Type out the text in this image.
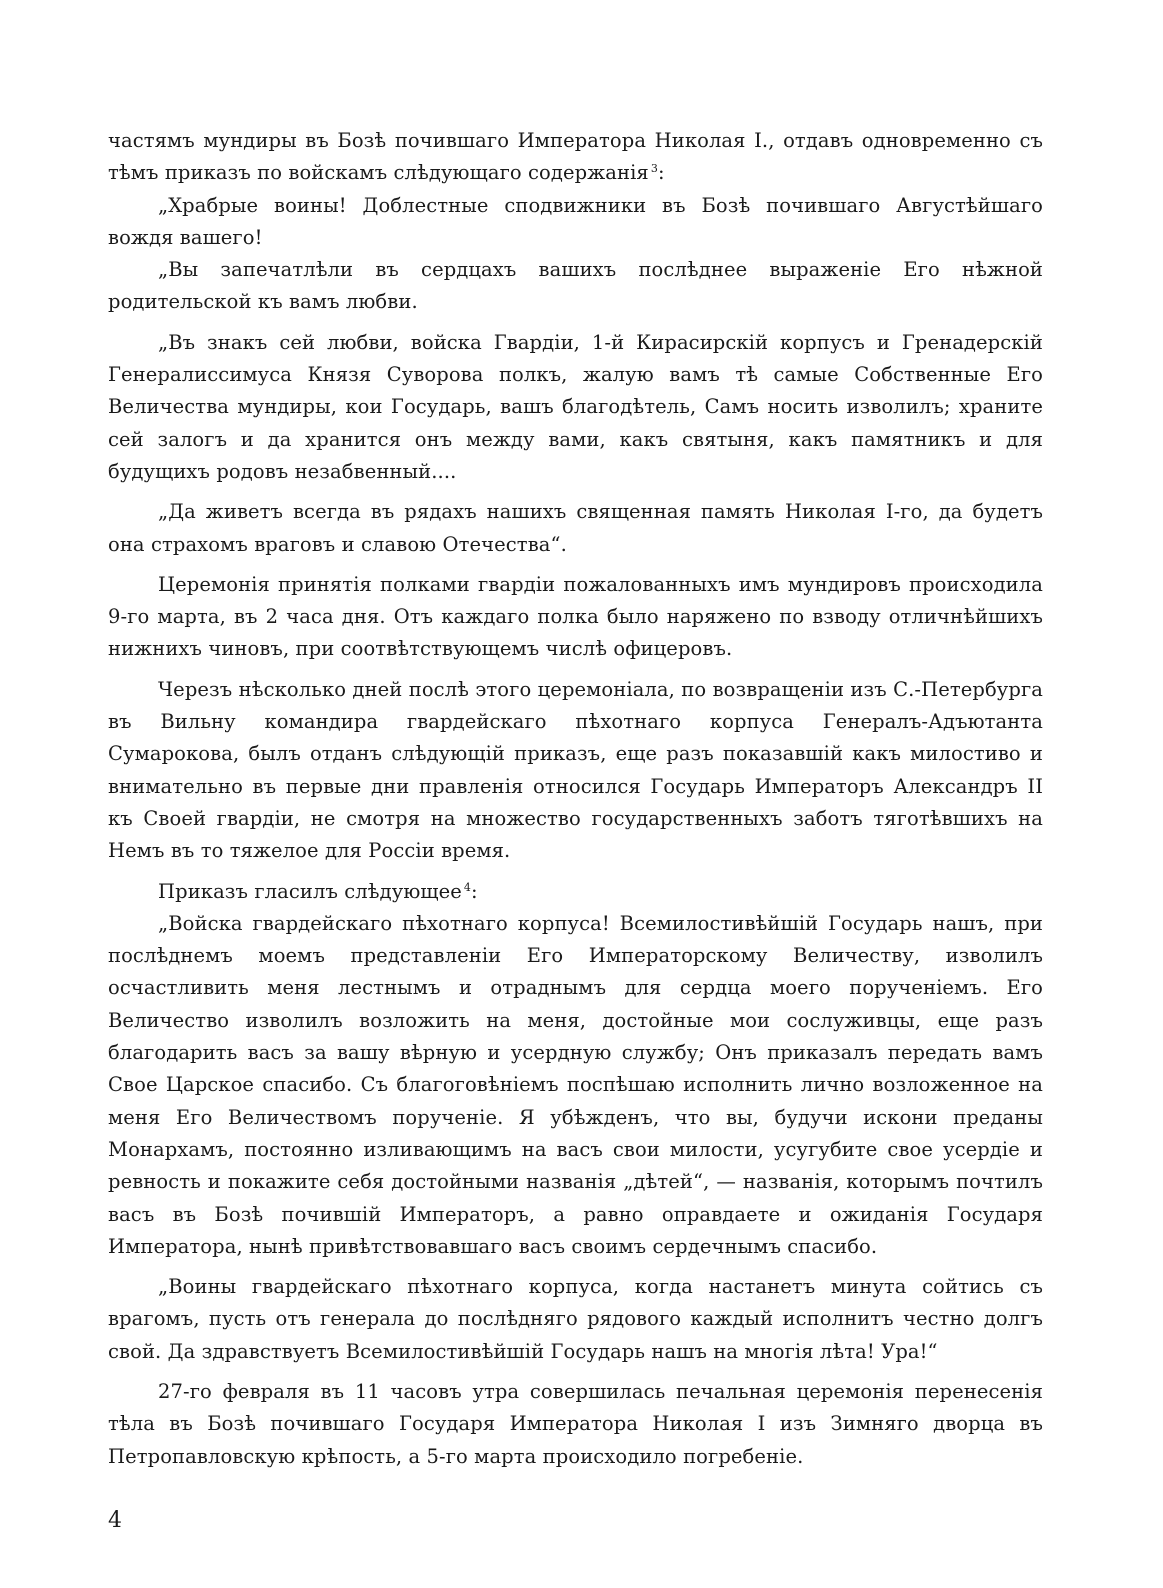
частямъ мундиры въ Бозѣ почившаго Императора Николая I., отдавъ одновременно съ тѣмъ приказъ по войскамъ слѣдующаго содержанія $^3$:

„Храбрые воины! Доблестные сподвижники въ Бозѣ почившаго Августѣйшаго вождя вашего!

„Вы запечатлѣли въ сердцахъ вашихъ послѣднее выраженіе Его нѣжной родительской къ вамъ любви.

„Въ знакъ сей любви, войска Гвардіи, 1-й Кирасирскій корпусъ и Гренадерскій Генералиссимуса Князя Суворова полкъ, жалую вамъ тѣ самые Собственные Его Величества мундиры, кои Государь, вашъ благодѣтель, Самъ носить изволилъ; храните сей залогъ и да хранится онъ между вами, какъ святыня, какъ памятникъ и для будущихъ родовъ незабвенный....

„Да живетъ всегда въ рядахъ нашихъ священная память Николая I-го, да будетъ она страхомъ враговъ и славою Отечества“.

Церемонія принятія полками гвардіи пожалованныхъ имъ мундировъ происходила 9-го марта, въ 2 часа дня. Отъ каждаго полка было наряжено по взводу отличнѣйшихъ нижнихъ чиновъ, при соотвѣтствующемъ числѣ офицеровъ.

Черезъ нѣсколько дней послѣ этого церемоніала, по возвращеніи изъ С.-Петербурга въ Вильну командира гвардейскаго пѣхотнаго корпуса Генералъ-Адъютанта Сумарокова, былъ отданъ слѣдующій приказъ, еще разъ показавшій какъ милостиво и внимательно въ первые дни правленія относился Государь Императоръ Александръ II къ Своей гвардіи, не смотря на множество государственныхъ заботъ тяготѣвшихъ на Немъ въ то тяжелое для Россіи время.

Приказъ гласилъ слѣдующее $^4$:

„Войска гвардейскаго пѣхотнаго корпуса! Всемилостивѣйшій Государь нашъ, при послѣднемъ моемъ представленіи Его Императорскому Величеству, изволилъ осчастливить меня лестнымъ и отраднымъ для сердца моего порученіемъ. Его Величество изволилъ возложить на меня, достойные мои сослуживцы, еще разъ благодарить васъ за вашу вѣрную и усердную службу; Онъ приказалъ передать вамъ Свое Царское спасибо. Съ благоговѣніемъ поспѣшаю исполнить лично возложенное на меня Его Величествомъ порученіе. Я убѣжденъ, что вы, будучи искони преданы Монархамъ, постоянно изливающимъ на васъ свои милости, усугубите свое усердіе и ревность и покажите себя достойными названія „дѣтей“, — названія, которымъ почтилъ васъ въ Бозѣ почившій Императоръ, а равно оправдаете и ожиданія Государя Императора, нынѣ привѣтствовавшаго васъ своимъ сердечнымъ спасибо.

„Воины гвардейскаго пѣхотнаго корпуса, когда настанетъ минута сойтись съ врагомъ, пусть отъ генерала до послѣдняго рядового каждый исполнитъ честно долгъ свой. Да здравствуетъ Всемилостивѣйшій Государь нашъ на многія лѣта! Ура!“

27-го февраля въ 11 часовъ утра совершилась печальная церемонія перенесенія тѣла въ Бозѣ почившаго Государя Императора Николая I изъ Зимняго дворца въ Петропавловскую крѣпость, а 5-го марта происходило погребеніе.

4
